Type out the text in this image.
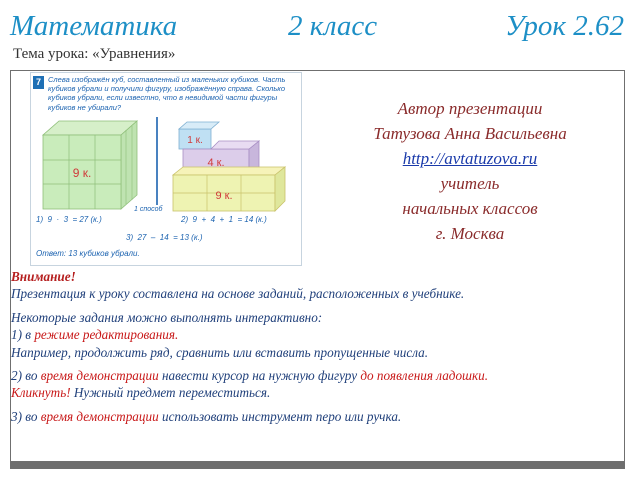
Математика	2 класс	Урок 2.62
Тема урока: «Уравнения»
9 к.
1 к.
4 к.
9 к.
7 Слева изображён куб, составленный из маленьких кубиков. Часть кубиков убрали и получили фигуру, изображённую справа. Сколько кубиков убрали, если известно, что в невидимой части фигуры кубиков не убирали?
1 способ
1)  9  ·  3  = 27 (к.)	2)  9  +  4  +  1  = 14 (к.)
3)  27  –  14  = 13 (к.)
Ответ: 13 кубиков убрали.
Автор презентации
Татузова Анна Васильевна
http://avtatuzova.ru
учитель
начальных классов
г. Москва

Внимание!
Презентация к уроку составлена на основе заданий, расположенных в учебнике.

Некоторые задания можно выполнять интерактивно:
1) в режиме редактирования.
Например, продолжить ряд, сравнить или вставить пропущенные числа.

2) во время демонстрации навести курсор на нужную фигуру до появления ладошки.
Кликнуть! Нужный предмет переместиться.

3) во время демонстрации использовать инструмент перо или ручка.
